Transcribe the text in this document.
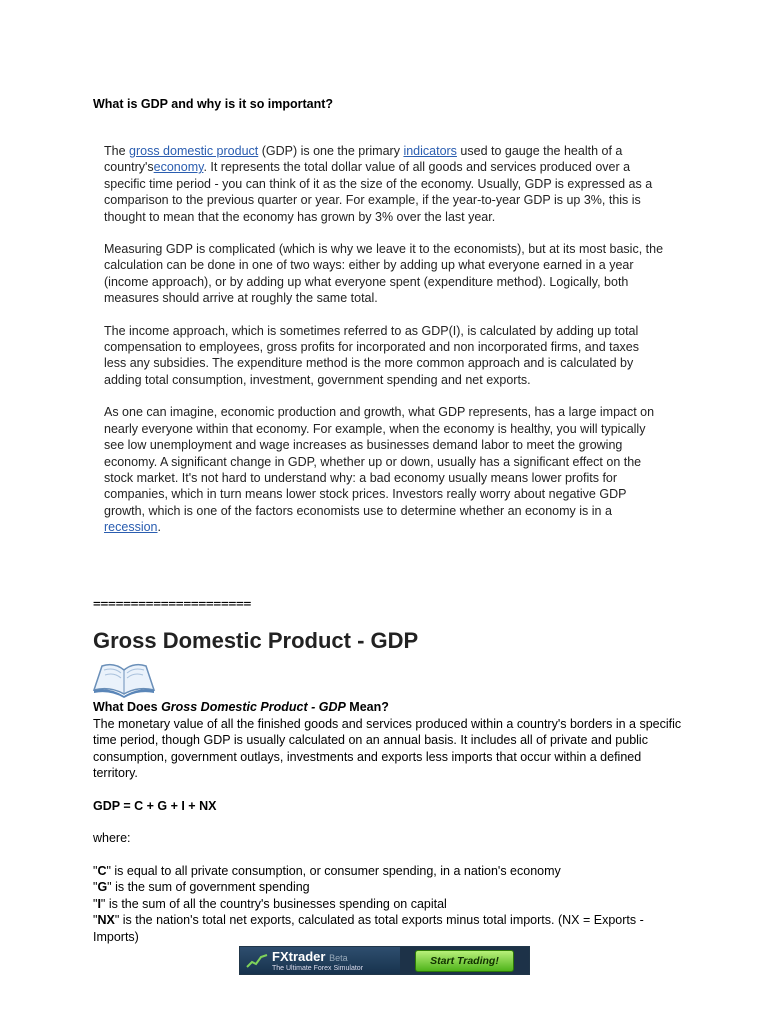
What is GDP and why is it so important?

The gross domestic product (GDP) is one the primary indicators used to gauge the health of a country'seconomy. It represents the total dollar value of all goods and services produced over a specific time period - you can think of it as the size of the economy. Usually, GDP is expressed as a comparison to the previous quarter or year. For example, if the year-to-year GDP is up 3%, this is thought to mean that the economy has grown by 3% over the last year.

Measuring GDP is complicated (which is why we leave it to the economists), but at its most basic, the calculation can be done in one of two ways: either by adding up what everyone earned in a year (income approach), or by adding up what everyone spent (expenditure method). Logically, both measures should arrive at roughly the same total.

The income approach, which is sometimes referred to as GDP(I), is calculated by adding up total compensation to employees, gross profits for incorporated and non incorporated firms, and taxes less any subsidies. The expenditure method is the more common approach and is calculated by adding total consumption, investment, government spending and net exports.

As one can imagine, economic production and growth, what GDP represents, has a large impact on nearly everyone within that economy. For example, when the economy is healthy, you will typically see low unemployment and wage increases as businesses demand labor to meet the growing economy. A significant change in GDP, whether up or down, usually has a significant effect on the stock market. It's not hard to understand why: a bad economy usually means lower profits for companies, which in turn means lower stock prices. Investors really worry about negative GDP growth, which is one of the factors economists use to determine whether an economy is in a recession.

=====================
Gross Domestic Product - GDP

What Does Gross Domestic Product - GDP Mean?

The monetary value of all the finished goods and services produced within a country's borders in a specific time period, though GDP is usually calculated on an annual basis. It includes all of private and public consumption, government outlays, investments and exports less imports that occur within a defined territory.

GDP = C + G + I + NX

where:

"C" is equal to all private consumption, or consumer spending, in a nation's economy

"G" is the sum of government spending

"I" is the sum of all the country's businesses spending on capital

"NX" is the nation's total net exports, calculated as total exports minus total imports. (NX = Exports - Imports)

FXtrader Beta
The Ultimate Forex Simulator
Start Trading!
